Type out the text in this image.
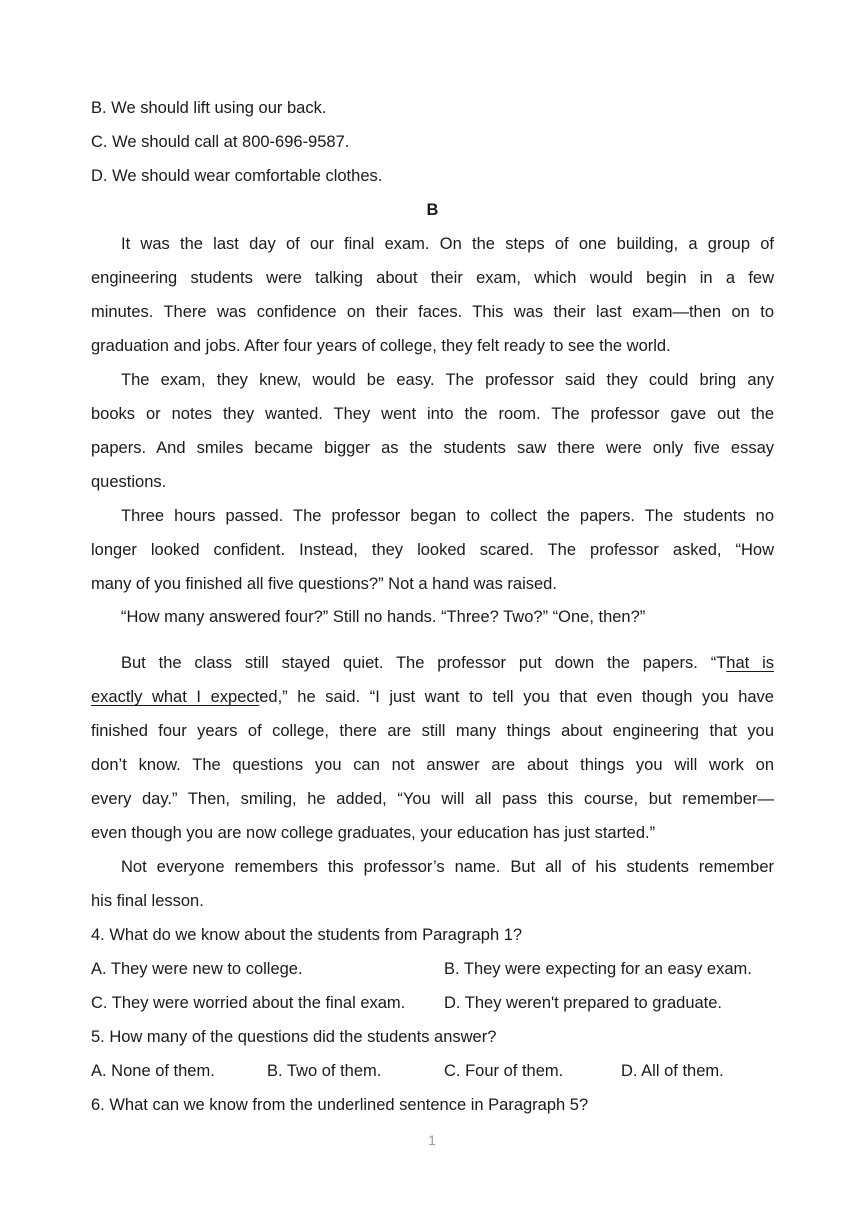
B. We should lift using our back.
C. We should call at 800-696-9587.
D. We should wear comfortable clothes.
B
It was the last day of our final exam. On the steps of one building, a group of
engineering students were talking about their exam, which would begin in a few
minutes. There was confidence on their faces. This was their last exam—then on to
graduation and jobs. After four years of college, they felt ready to see the world.
The exam, they knew, would be easy. The professor said they could bring any
books or notes they wanted. They went into the room. The professor gave out the
papers. And smiles became bigger as the students saw there were only five essay
questions.
Three hours passed. The professor began to collect the papers. The students no
longer looked confident. Instead, they looked scared. The professor asked, “How
many of you finished all five questions?” Not a hand was raised.
“How many answered four?” Still no hands. “Three? Two?” “One, then?”
But the class still stayed quiet. The professor put down the papers. “That is
exactly what I expected,” he said. “I just want to tell you that even though you have
finished four years of college, there are still many things about engineering that you
don’t know. The questions you can not answer are about things you will work on
every day.” Then, smiling, he added, “You will all pass this course, but remember—
even though you are now college graduates, your education has just started.”
Not everyone remembers this professor’s name. But all of his students remember
his final lesson.
4. What do we know about the students from Paragraph 1?
A. They were new to college.	B. They were expecting for an easy exam.
C. They were worried about the final exam. D. They weren't prepared to graduate.
5. How many of the questions did the students answer?
A. None of them.	B. Two of them.	C. Four of them.	D. All of them.
6. What can we know from the underlined sentence in Paragraph 5?
1
